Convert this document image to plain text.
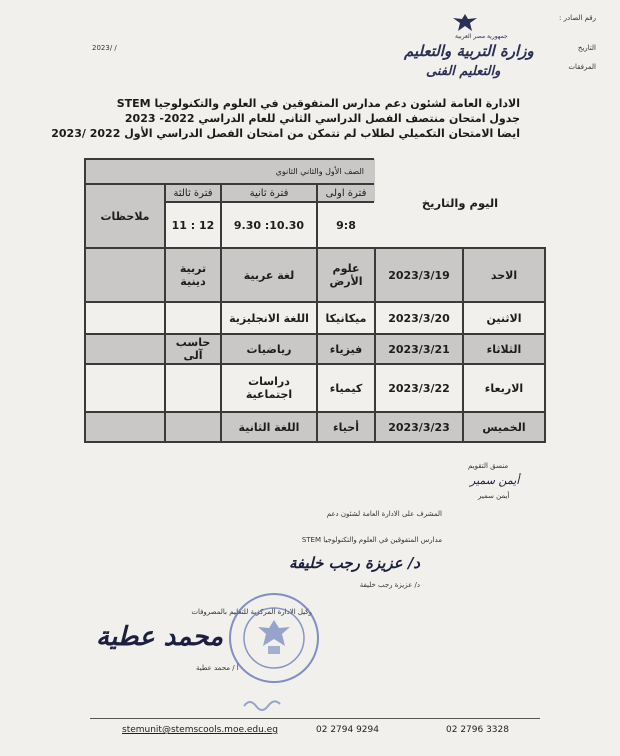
رقم الصادر :
التاريخ
2023/ /
المرفقات
جمهورية مصر العربية
وزارة التربية والتعليم
والتعليم الفنى
الادارة العامة لشئون دعم مدارس المتفوقين في العلوم والتكنولوجيا STEM
جدول امتحان منتصف الفصل الدراسي الثاني للعام الدراسي 2022- 2023
ايضا الامتحان التكميلي لطلاب لم تتمكن من امتحان الفصل الدراسي الأول 2022 /2023
اليوم والتاريخ		الصف الأول والثاني الثانوي			
		فترة اولى	فترة ثانية	فترة ثالثة	ملاحظات
		9:8	10.30: 9.30	12 : 11	
الاحد	2023/3/19	علوم الأرض	لغة عربية	تربية دينية	
الاثنين	2023/3/20	ميكانيكا	اللغة الانجليزية		
الثلاثاء	2023/3/21	فيزياء	رياضيات	حاسب آلى	
الاربعاء	2023/3/22	كيمياء	دراسات اجتماعية		
الخميس	2023/3/23	أحياء	اللغة الثانية		
منسق التقويم
أيمن سمير
أيمن سمير
المشرف على الادارة العامة لشئون دعم
مدارس المتفوقين في العلوم والتكنولوجيا STEM
د/ عزيزة رجب خليفة
د/ عزيزة رجب خليفة
وكيل الادارة المركزية للتعليم بالمصروفات
محمد عطية
أ / محمد عطية
stemunit@stemscools.moe.edu.eg	02 2794 9294	02 2796 3328
